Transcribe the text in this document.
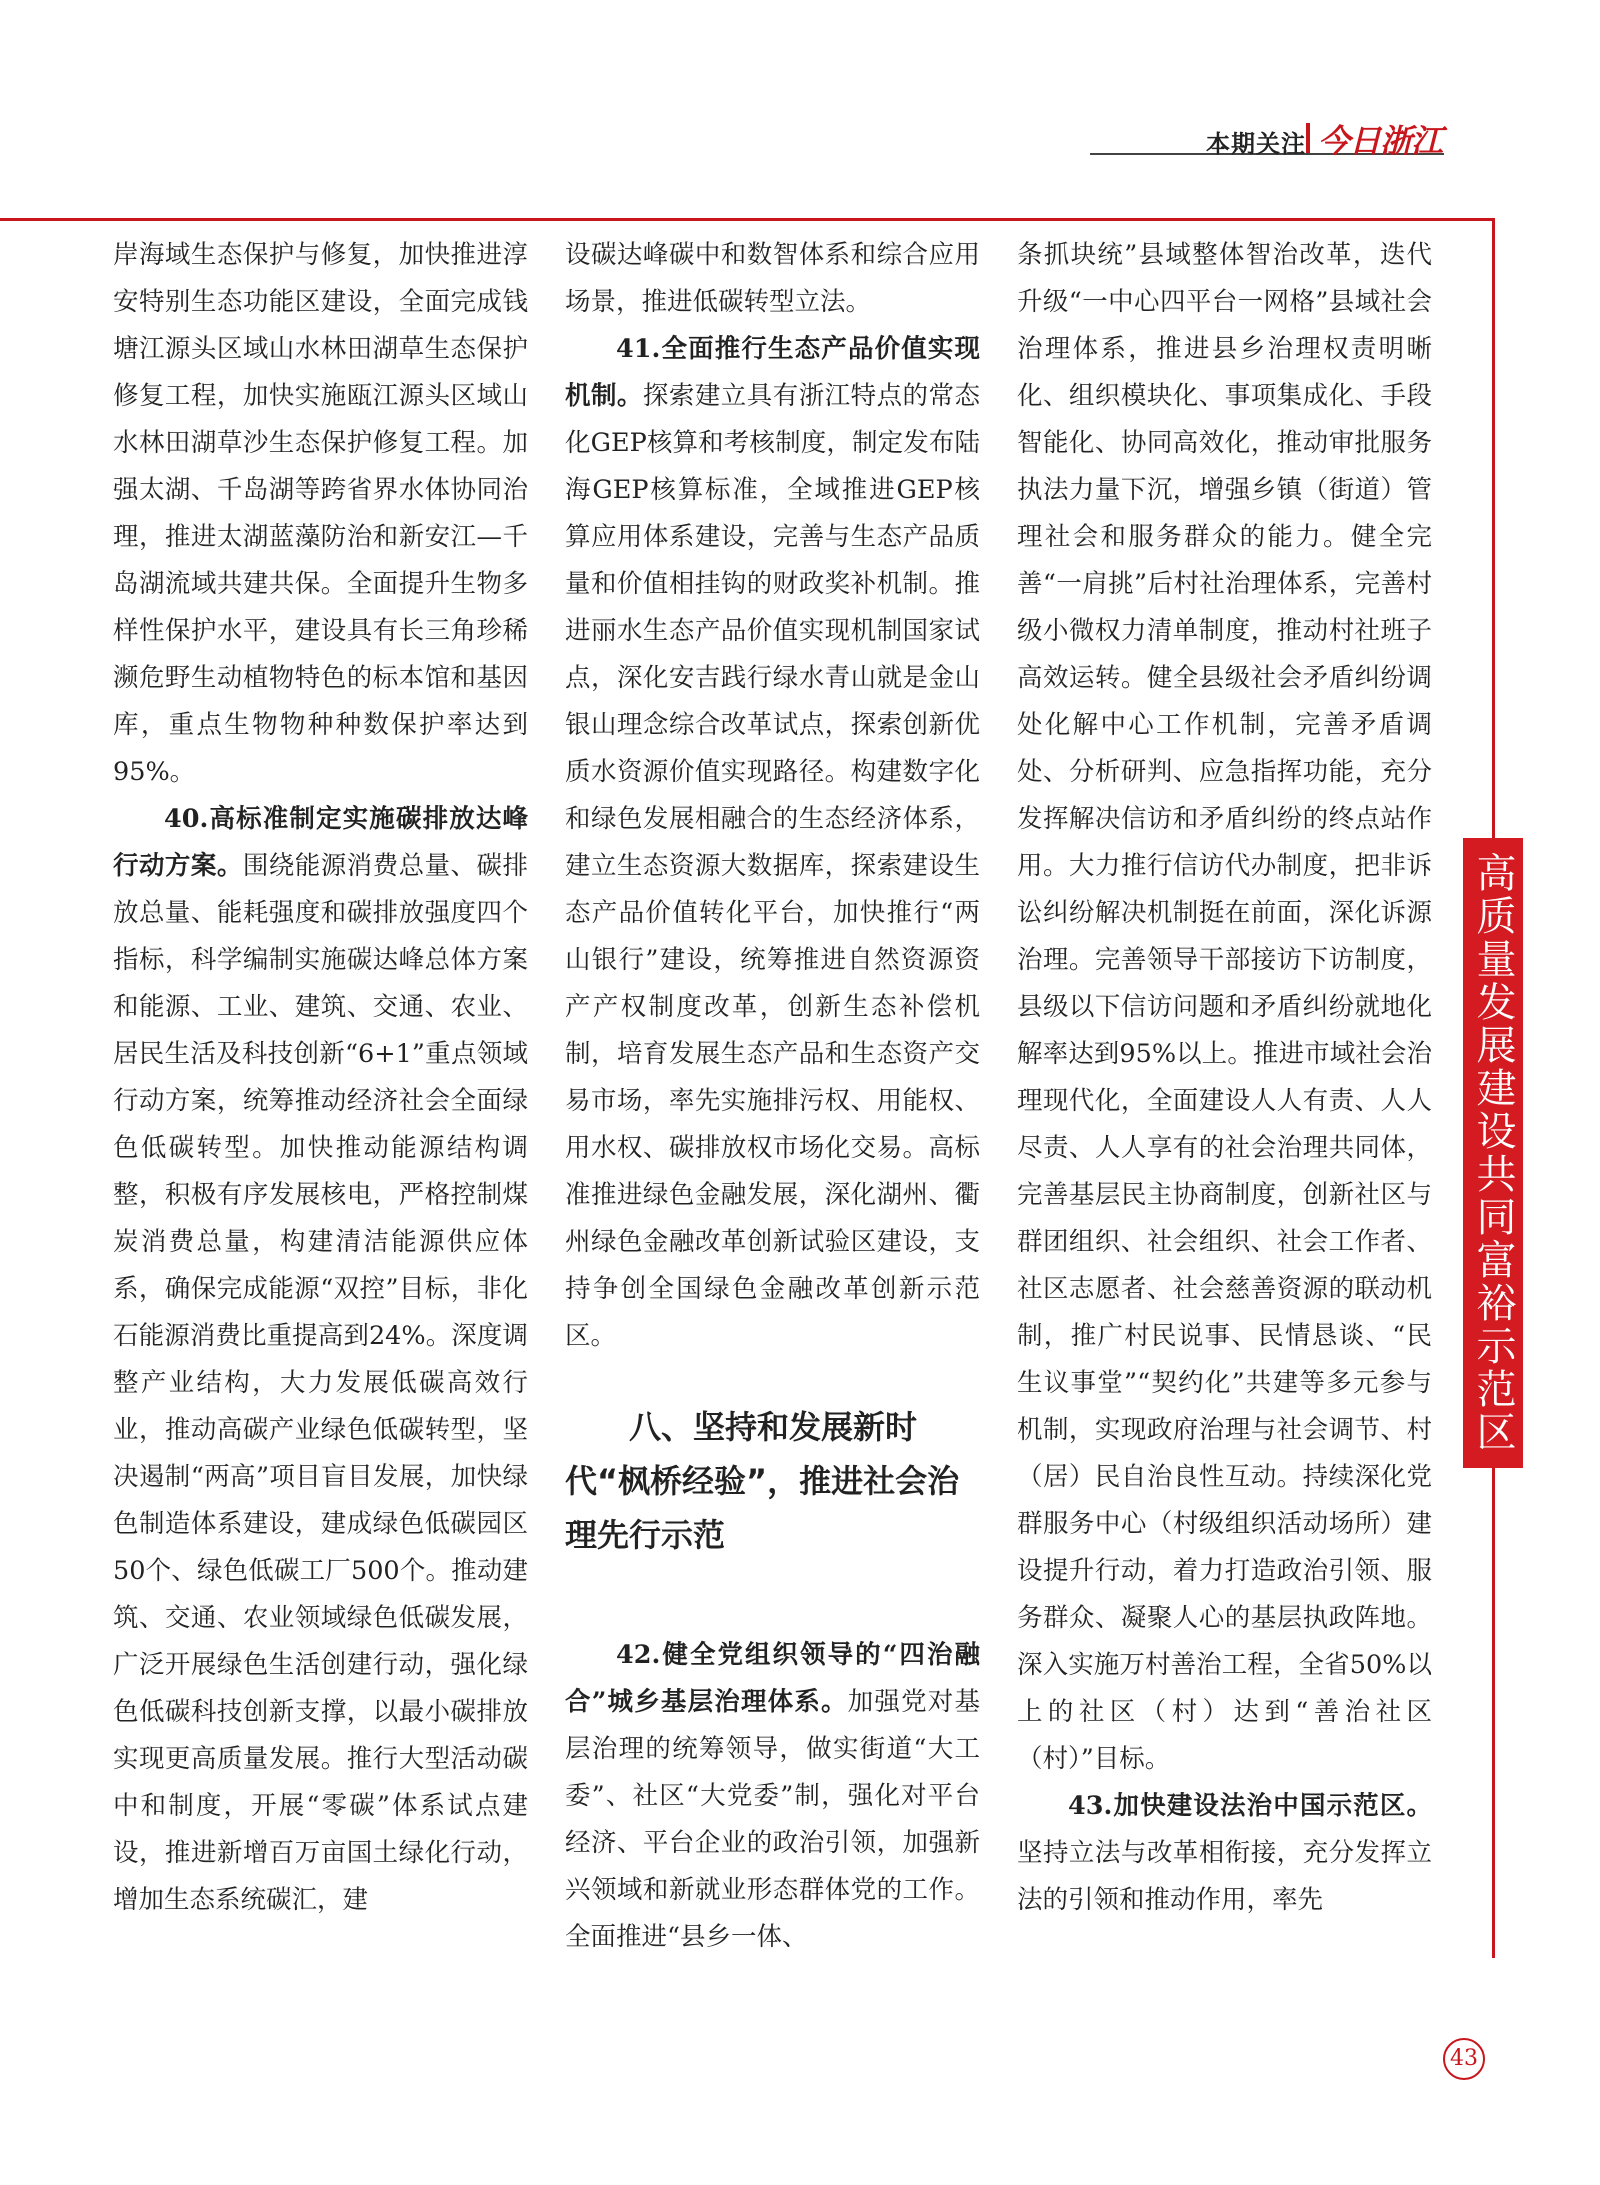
本期关注 今日浙江
高质量发展建设共同富裕示范区

岸海域生态保护与修复，加快推进淳安特别生态功能区建设，全面完成钱塘江源头区域山水林田湖草生态保护修复工程，加快实施瓯江源头区域山水林田湖草沙生态保护修复工程。加强太湖、千岛湖等跨省界水体协同治理，推进太湖蓝藻防治和新安江—千岛湖流域共建共保。全面提升生物多样性保护水平，建设具有长三角珍稀濒危野生动植物特色的标本馆和基因库，重点生物物种种数保护率达到95%。

40.高标准制定实施碳排放达峰行动方案。围绕能源消费总量、碳排放总量、能耗强度和碳排放强度四个指标，科学编制实施碳达峰总体方案和能源、工业、建筑、交通、农业、居民生活及科技创新“6+1”重点领域行动方案，统筹推动经济社会全面绿色低碳转型。加快推动能源结构调整，积极有序发展核电，严格控制煤炭消费总量，构建清洁能源供应体系，确保完成能源“双控”目标，非化石能源消费比重提高到24%。深度调整产业结构，大力发展低碳高效行业，推动高碳产业绿色低碳转型，坚决遏制“两高”项目盲目发展，加快绿色制造体系建设，建成绿色低碳园区50个、绿色低碳工厂500个。推动建筑、交通、农业领域绿色低碳发展，广泛开展绿色生活创建行动，强化绿色低碳科技创新支撑，以最小碳排放实现更高质量发展。推行大型活动碳中和制度，开展“零碳”体系试点建设，推进新增百万亩国土绿化行动，增加生态系统碳汇，建

设碳达峰碳中和数智体系和综合应用场景，推进低碳转型立法。

41.全面推行生态产品价值实现机制。探索建立具有浙江特点的常态化GEP核算和考核制度，制定发布陆海GEP核算标准，全域推进GEP核算应用体系建设，完善与生态产品质量和价值相挂钩的财政奖补机制。推进丽水生态产品价值实现机制国家试点，深化安吉践行绿水青山就是金山银山理念综合改革试点，探索创新优质水资源价值实现路径。构建数字化和绿色发展相融合的生态经济体系，建立生态资源大数据库，探索建设生态产品价值转化平台，加快推行“两山银行”建设，统筹推进自然资源资产产权制度改革，创新生态补偿机制，培育发展生态产品和生态资产交易市场，率先实施排污权、用能权、用水权、碳排放权市场化交易。高标准推进绿色金融发展，深化湖州、衢州绿色金融改革创新试验区建设，支持争创全国绿色金融改革创新示范区。

八、坚持和发展新时代“枫桥经验”，推进社会治理先行示范

42.健全党组织领导的“四治融合”城乡基层治理体系。加强党对基层治理的统筹领导，做实街道“大工委”、社区“大党委”制，强化对平台经济、平台企业的政治引领，加强新兴领域和新就业形态群体党的工作。全面推进“县乡一体、

条抓块统”县域整体智治改革，迭代升级“一中心四平台一网格”县域社会治理体系，推进县乡治理权责明晰化、组织模块化、事项集成化、手段智能化、协同高效化，推动审批服务执法力量下沉，增强乡镇（街道）管理社会和服务群众的能力。健全完善“一肩挑”后村社治理体系，完善村级小微权力清单制度，推动村社班子高效运转。健全县级社会矛盾纠纷调处化解中心工作机制，完善矛盾调处、分析研判、应急指挥功能，充分发挥解决信访和矛盾纠纷的终点站作用。大力推行信访代办制度，把非诉讼纠纷解决机制挺在前面，深化诉源治理。完善领导干部接访下访制度，县级以下信访问题和矛盾纠纷就地化解率达到95%以上。推进市域社会治理现代化，全面建设人人有责、人人尽责、人人享有的社会治理共同体，完善基层民主协商制度，创新社区与群团组织、社会组织、社会工作者、社区志愿者、社会慈善资源的联动机制，推广村民说事、民情恳谈、“民生议事堂”“契约化”共建等多元参与机制，实现政府治理与社会调节、村（居）民自治良性互动。持续深化党群服务中心（村级组织活动场所）建设提升行动，着力打造政治引领、服务群众、凝聚人心的基层执政阵地。深入实施万村善治工程，全省50%以上的社区（村）达到“善治社区（村）”目标。

43.加快建设法治中国示范区。坚持立法与改革相衔接，充分发挥立法的引领和推动作用，率先

43
